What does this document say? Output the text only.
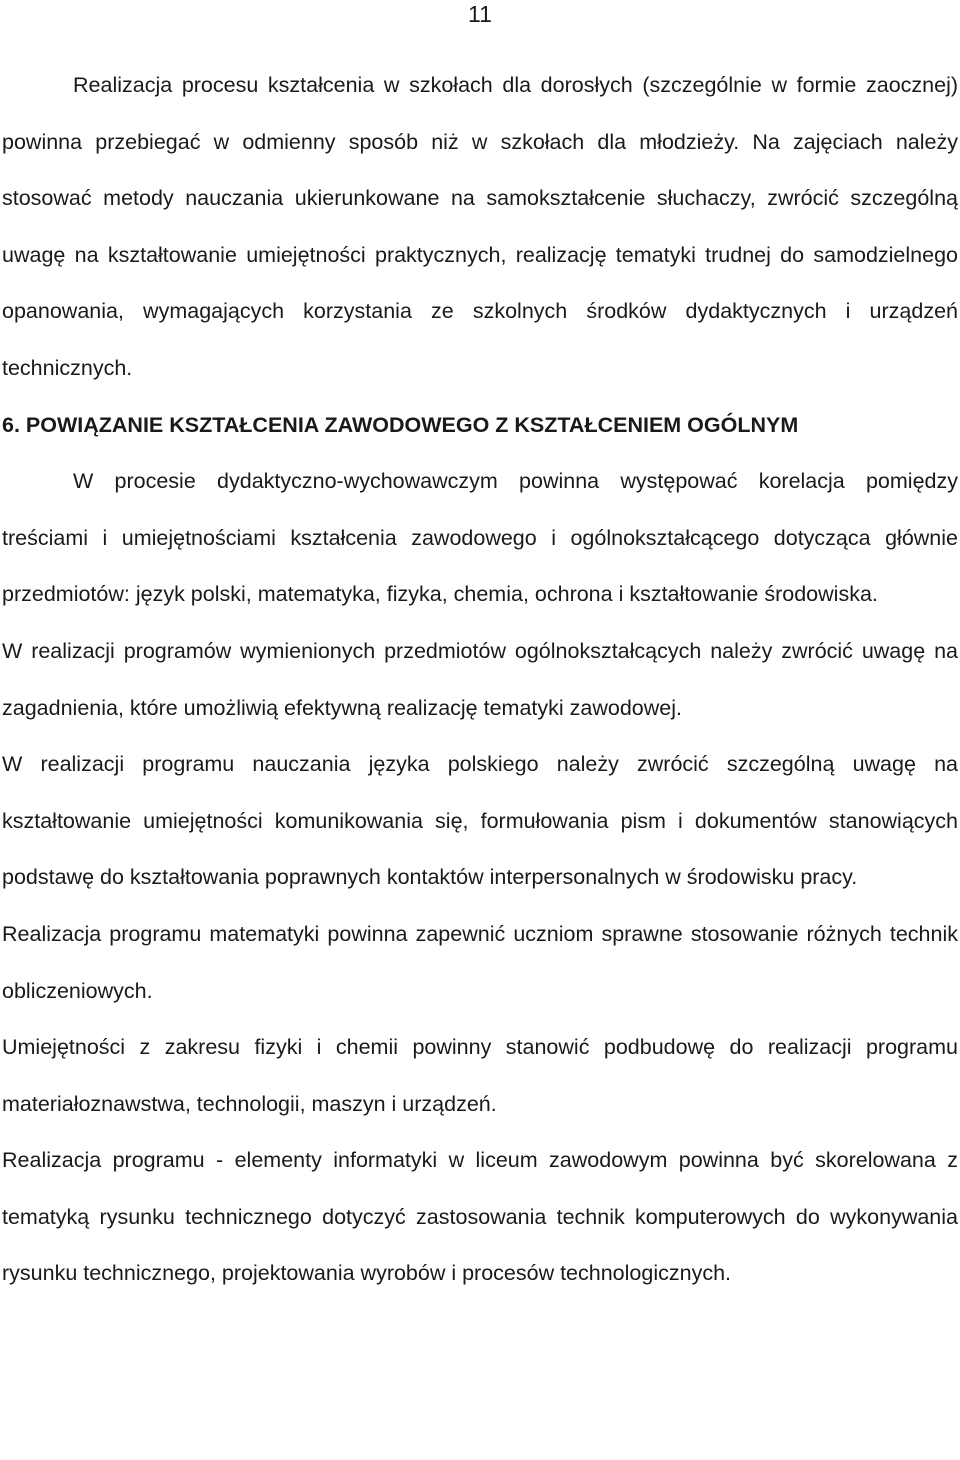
11

Realizacja procesu kształcenia w szkołach dla dorosłych (szczególnie w formie zaocznej) powinna przebiegać w odmienny sposób niż w szkołach dla młodzieży. Na zajęciach należy stosować metody nauczania ukierunkowane na samokształcenie słuchaczy, zwrócić szczególną uwagę na kształtowanie umiejętności praktycznych, realizację tematyki trudnej do samodzielnego opanowania, wymagających korzystania ze szkolnych środków dydaktycznych i urządzeń technicznych.

6. POWIĄZANIE KSZTAŁCENIA ZAWODOWEGO Z KSZTAŁCENIEM OGÓLNYM

W procesie dydaktyczno-wychowawczym powinna występować korelacja pomiędzy treściami i umiejętnościami kształcenia zawodowego i ogólnokształcącego dotycząca głównie przedmiotów: język polski, matematyka, fizyka, chemia, ochrona i kształtowanie środowiska.

W realizacji programów wymienionych przedmiotów ogólnokształcących należy zwrócić uwagę na zagadnienia, które umożliwią efektywną realizację tematyki zawodowej.

W realizacji programu nauczania języka polskiego należy zwrócić szczególną uwagę na kształtowanie umiejętności komunikowania się, formułowania pism i dokumentów stanowiących podstawę do kształtowania poprawnych kontaktów interpersonalnych w środowisku pracy.

Realizacja programu matematyki powinna zapewnić uczniom sprawne stosowanie różnych technik obliczeniowych.

Umiejętności z zakresu fizyki i chemii powinny stanowić podbudowę do realizacji programu materiałoznawstwa, technologii, maszyn i urządzeń.

Realizacja programu - elementy informatyki w liceum zawodowym powinna być skorelowana z tematyką rysunku technicznego dotyczyć zastosowania technik komputerowych do wykonywania rysunku technicznego, projektowania wyrobów i procesów technologicznych.
